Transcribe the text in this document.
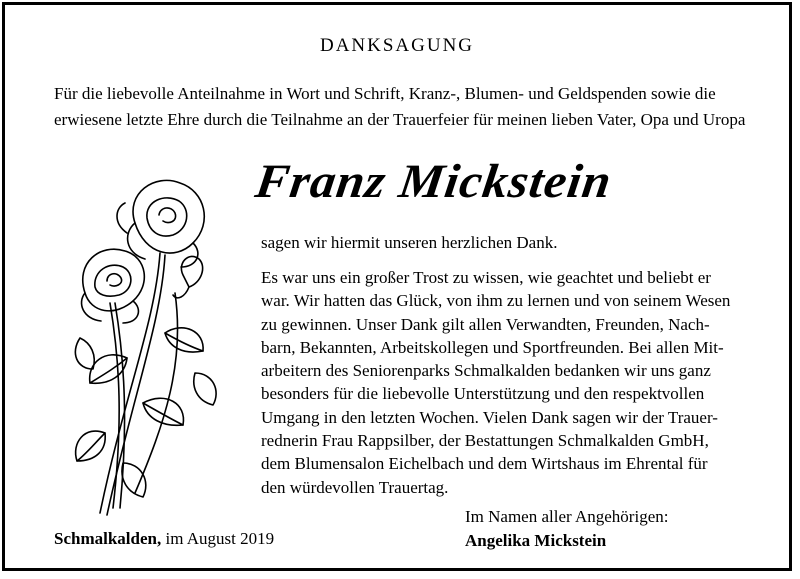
DANKSAGUNG
Für die liebevolle Anteilnahme in Wort und Schrift, Kranz-, Blumen- und Geldspenden sowie die erwiesene letzte Ehre durch die Teilnahme an der Trauerfeier für meinen lieben Vater, Opa und Uropa
Franz Mickstein
sagen wir hiermit unseren herzlichen Dank.
Es war uns ein großer Trost zu wissen, wie geachtet und beliebt er
war. Wir hatten das Glück, von ihm zu lernen und von seinem Wesen
zu gewinnen. Unser Dank gilt allen Verwandten, Freunden, Nach-
barn, Bekannten, Arbeitskollegen und Sportfreunden. Bei allen Mit-
arbeitern des Seniorenparks Schmalkalden bedanken wir uns ganz
besonders für die liebevolle Unterstützung und den respektvollen
Umgang in den letzten Wochen. Vielen Dank sagen wir der Trauer-
rednerin Frau Rappsilber, der Bestattungen Schmalkalden GmbH,
dem Blumensalon Eichelbach und dem Wirtshaus im Ehrental für
den würdevollen Trauertag.
Schmalkalden, im August 2019
Im Namen aller Angehörigen:
Angelika Mickstein
